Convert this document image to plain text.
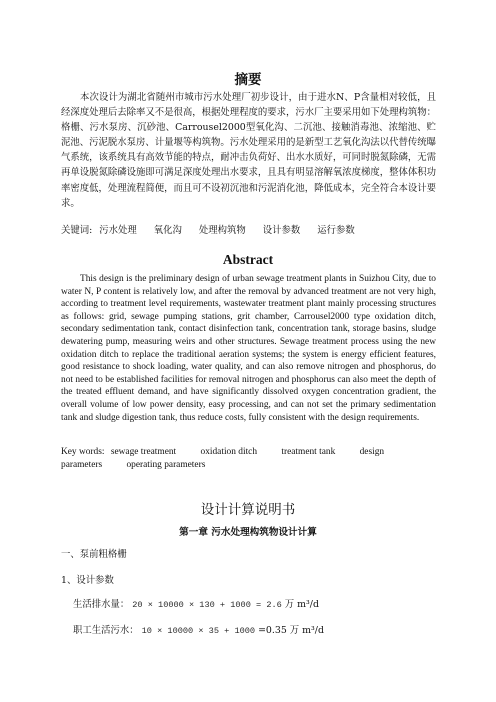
摘要
本次设计为湖北省随州市城市污水处理厂初步设计，由于进水N、P含量相对较低，且经深度处理后去除率又不是很高，根据处理程度的要求，污水厂主要采用如下处理构筑物：格栅、污水泵房、沉砂池、Carrousel2000型氧化沟、二沉池、接触消毒池、浓缩池、贮泥池、污泥脱水泵房、计量堰等构筑物。污水处理采用的是新型工艺氧化沟法以代替传统曝气系统，该系统具有高效节能的特点，耐冲击负荷好、出水水质好，可同时脱氮除磷，无需再单设脱氮除磷设施即可满足深度处理出水要求，且具有明显溶解氧浓度梯度，整体体积功率密度低，处理流程简便，而且可不设初沉池和污泥消化池，降低成本，完全符合本设计要求。
关键词: 污水处理 氧化沟 处理构筑物 设计参数 运行参数
Abstract
This design is the preliminary design of urban sewage treatment plants in Suizhou City, due to water N, P content is relatively low, and after the removal by advanced treatment are not very high, according to treatment level requirements, wastewater treatment plant mainly processing structures as follows: grid, sewage pumping stations, grit chamber, Carrousel2000 type oxidation ditch, secondary sedimentation tank, contact disinfection tank, concentration tank, storage basins, sludge dewatering pump, measuring weirs and other structures. Sewage treatment process using the new oxidation ditch to replace the traditional aeration systems; the system is energy efficient features, good resistance to shock loading, water quality, and can also remove nitrogen and phosphorus, do not need to be established facilities for removal nitrogen and phosphorus can also meet the depth of the treated effluent demand, and have significantly dissolved oxygen concentration gradient, the overall volume of low power density, easy processing, and can not set the primary sedimentation tank and sludge digestion tank, thus reduce costs, fully consistent with the design requirements.
Key words: sewage treatment	oxidation ditch	treatment tank	design parameters	operating parameters
设计计算说明书
第一章 污水处理构筑物设计计算
一、泵前粗格栅
1、设计参数
生活排水量： 20 × 10000 × 130 + 1000 = 2.6 万 m³/d
职工生活污水： 10 × 10000 × 35 + 1000 =0.35 万 m³/d
